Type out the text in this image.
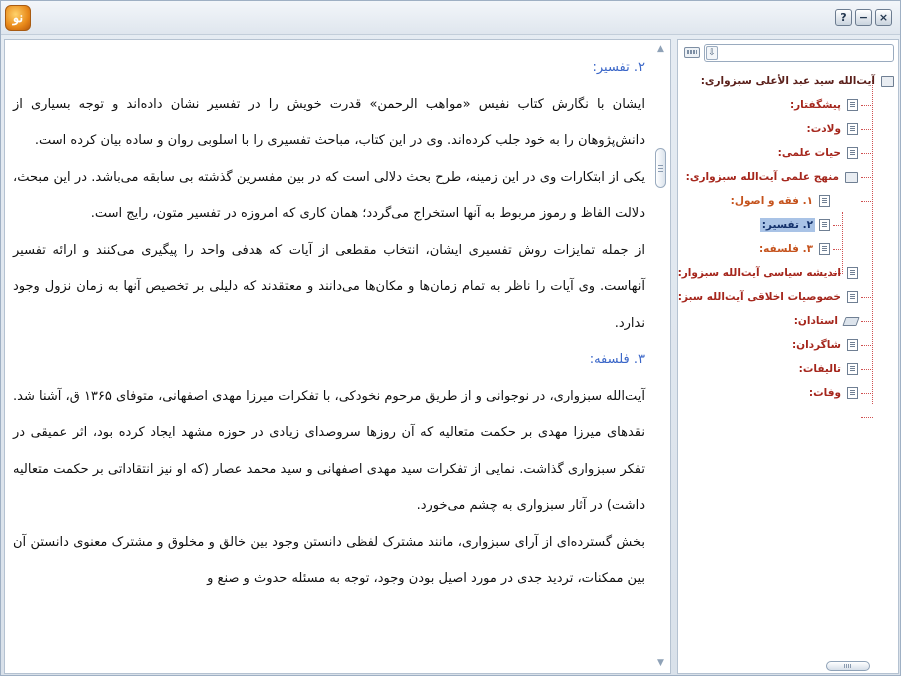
نو	?	− ×

۲. تفسیر:

ایشان با نگارش کتاب نفیس «مواهب الرحمن» قدرت خویش را در تفسیر نشان داده‌اند و توجه بسیاری از دانش‌پژوهان را به خود جلب کرده‌اند. وی در این کتاب، مباحث تفسیری را با اسلوبی روان و ساده بیان کرده است.

یکی از ابتکارات وی در این زمینه، طرح بحث دلالی است که در بین مفسرین گذشته بی سابقه می‌باشد. در این مبحث، دلالت الفاظ و رموز مربوط به آنها استخراج می‌گردد؛ همان کاری که امروزه در تفسیر متون، رایج است.

از جمله تمایزات روش تفسیری ایشان، انتخاب مقطعی از آیات که هدفی واحد را پیگیری می‌کنند و ارائه تفسیر آنهاست. وی آیات را ناظر به تمام زمان‌ها و مکان‌ها می‌دانند و معتقدند که دلیلی بر تخصیص آنها به زمان نزول وجود ندارد.

۳. فلسفه:

آیت‌الله سبزواری، در نوجوانی و از طریق مرحوم نخودکی، با تفکرات میرزا مهدی اصفهانی، متوفای ۱۳۶۵ ق، آشنا شد. نقدهای میرزا مهدی بر حکمت متعالیه که آن روزها سروصدای زیادی در حوزه مشهد ایجاد کرده بود، اثر عمیقی در تفکر سبزواری گذاشت. نمایی از تفکرات سید مهدی اصفهانی و سید محمد عصار (که او نیز انتقاداتی بر حکمت متعالیه داشت) در آثار سبزواری به چشم می‌خورد.

بخش گسترده‌ای از آرای سبزواری، مانند مشترک لفظی دانستن وجود بین خالق و مخلوق و مشترک معنوی دانستن آن بین ممکنات، تردید جدی در مورد اصیل بودن وجود، توجه به مسئله حدوث و صنع و

▲
▼
⇩
آیت‌الله سید عبد الأعلی سبزواری:
پیشگفتار:
ولادت:
حیات علمی:
منهج علمی آیت‌الله سبزواری:
۱. فقه و اصول:
۲. تفسیر:
۳. فلسفه:
اندیشه سیاسی آیت‌الله سبزوار:
خصوصیات اخلاقی آیت‌الله سبز:
استادان:
شاگردان:
تالیفات:
وفات:
